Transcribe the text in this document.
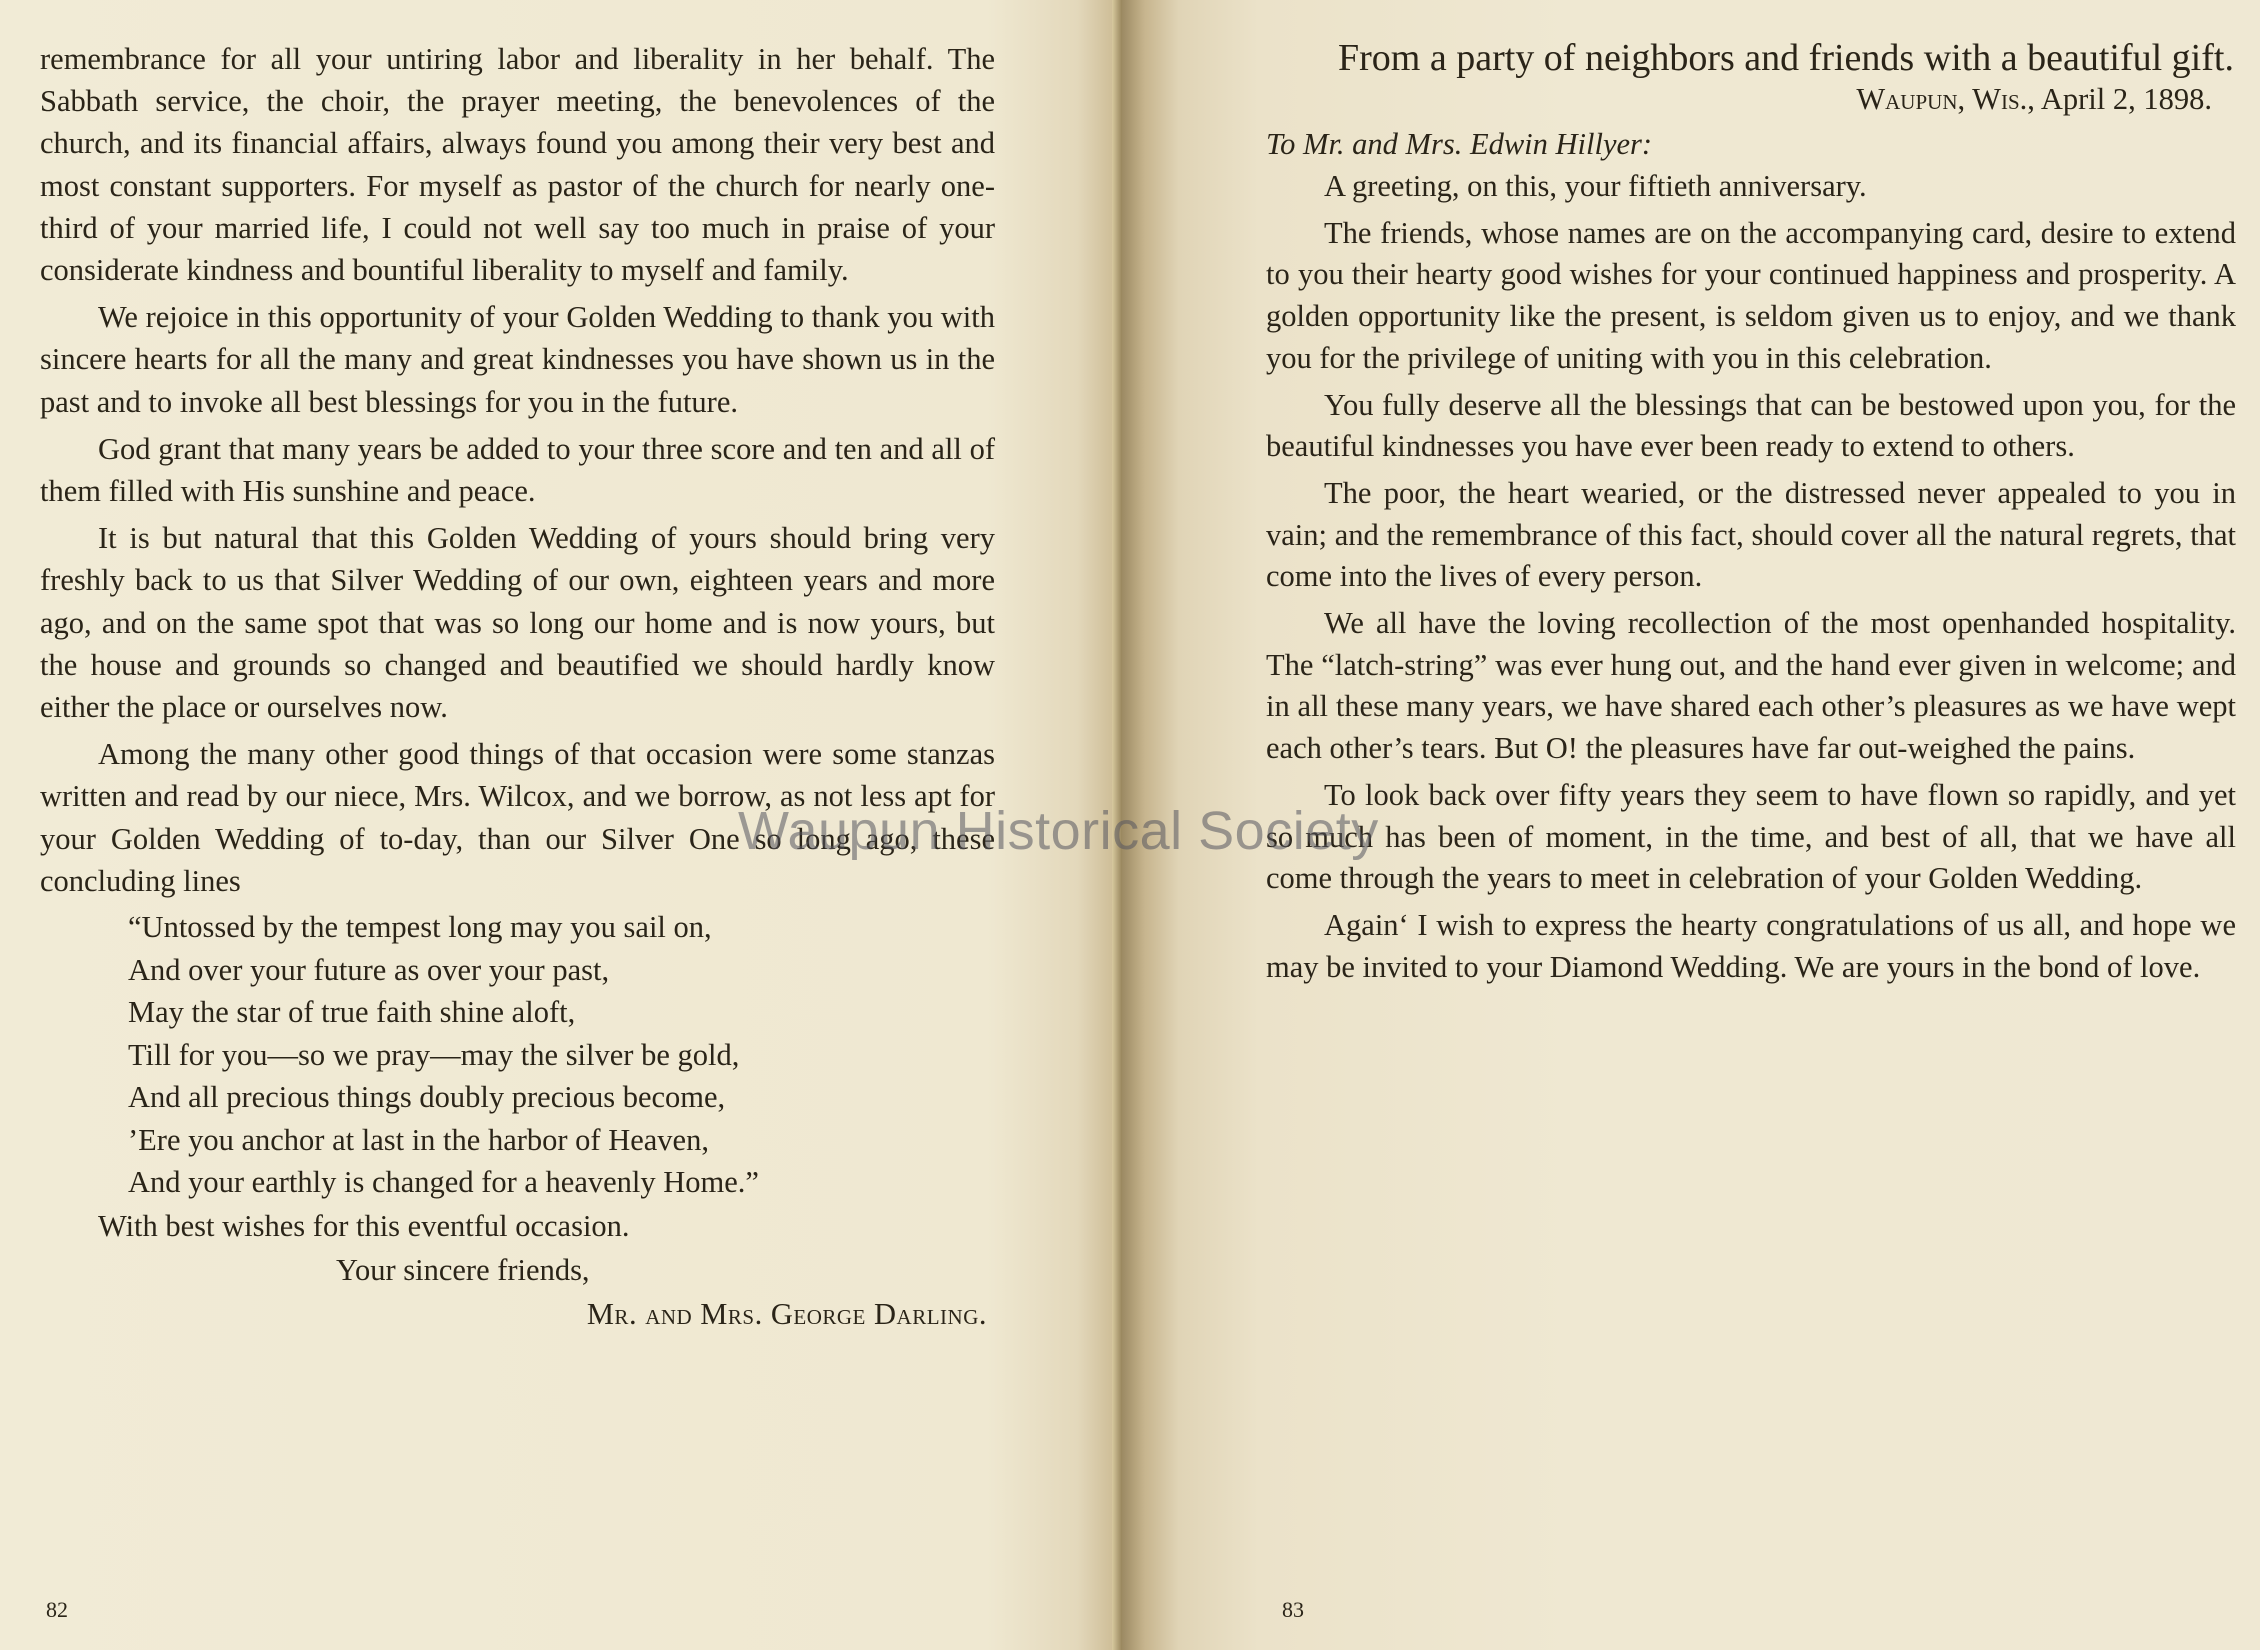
remembrance for all your untiring labor and liberality in her behalf. The Sabbath service, the choir, the prayer meeting, the benevolences of the church, and its financial affairs, always found you among their very best and most constant supporters. For myself as pastor of the church for nearly one-third of your married life, I could not well say too much in praise of your considerate kindness and bountiful liberality to myself and family.

We rejoice in this opportunity of your Golden Wedding to thank you with sincere hearts for all the many and great kindnesses you have shown us in the past and to invoke all best blessings for you in the future.

God grant that many years be added to your three score and ten and all of them filled with His sunshine and peace.

It is but natural that this Golden Wedding of yours should bring very freshly back to us that Silver Wedding of our own, eighteen years and more ago, and on the same spot that was so long our home and is now yours, but the house and grounds so changed and beautified we should hardly know either the place or ourselves now.

Among the many other good things of that occasion were some stanzas written and read by our niece, Mrs. Wilcox, and we borrow, as not less apt for your Golden Wedding of to-day, than our Silver One so long ago, these concluding lines

“Untossed by the tempest long may you sail on,
And over your future as over your past,
May the star of true faith shine aloft,
Till for you—so we pray—may the silver be gold,
And all precious things doubly precious become,
’Ere you anchor at last in the harbor of Heaven,
And your earthly is changed for a heavenly Home.”
With best wishes for this eventful occasion.
Your sincere friends,
Mr. and Mrs. George Darling.
82
From a party of neighbors and friends with a beautiful gift.
Waupun, Wis., April 2, 1898.
To Mr. and Mrs. Edwin Hillyer:

A greeting, on this, your fiftieth anniversary.

The friends, whose names are on the accompanying card, desire to extend to you their hearty good wishes for your continued happiness and prosperity. A golden opportunity like the present, is seldom given us to enjoy, and we thank you for the privilege of uniting with you in this celebration.

You fully deserve all the blessings that can be bestowed upon you, for the beautiful kindnesses you have ever been ready to extend to others.

The poor, the heart wearied, or the distressed never appealed to you in vain; and the remembrance of this fact, should cover all the natural regrets, that come into the lives of every person.

We all have the loving recollection of the most openhanded hospitality. The “latch-string” was ever hung out, and the hand ever given in welcome; and in all these many years, we have shared each other’s pleasures as we have wept each other’s tears. But O! the pleasures have far out-weighed the pains.

To look back over fifty years they seem to have flown so rapidly, and yet so much has been of moment, in the time, and best of all, that we have all come through the years to meet in celebration of your Golden Wedding.

Again‘ I wish to express the hearty congratulations of us all, and hope we may be invited to your Diamond Wedding. We are yours in the bond of love.

83
Waupun Historical Society
